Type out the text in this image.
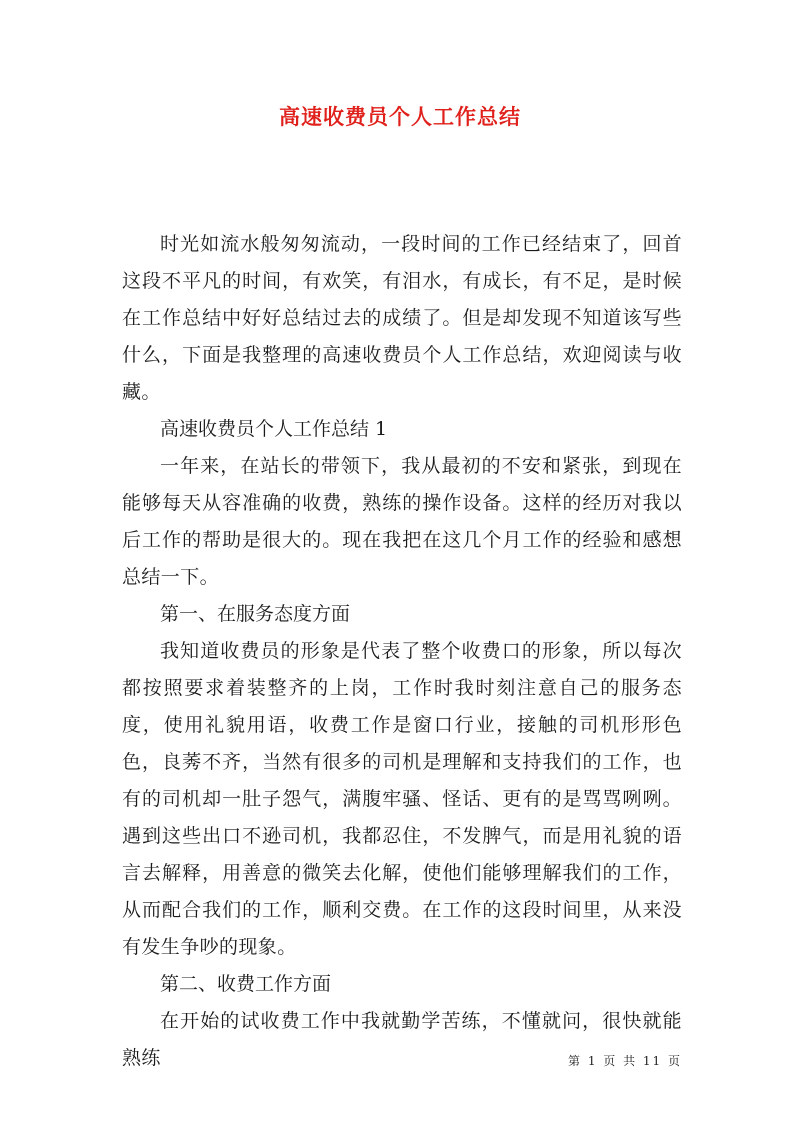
高速收费员个人工作总结

时光如流水般匆匆流动，一段时间的工作已经结束了，回首这段不平凡的时间，有欢笑，有泪水，有成长，有不足，是时候在工作总结中好好总结过去的成绩了。但是却发现不知道该写些什么，下面是我整理的高速收费员个人工作总结，欢迎阅读与收藏。

高速收费员个人工作总结 1

一年来，在站长的带领下，我从最初的不安和紧张，到现在能够每天从容准确的收费，熟练的操作设备。这样的经历对我以后工作的帮助是很大的。现在我把在这几个月工作的经验和感想总结一下。

第一、在服务态度方面

我知道收费员的形象是代表了整个收费口的形象，所以每次都按照要求着装整齐的上岗，工作时我时刻注意自己的服务态度，使用礼貌用语，收费工作是窗口行业，接触的司机形形色色，良莠不齐，当然有很多的司机是理解和支持我们的工作，也有的司机却一肚子怨气，满腹牢骚、怪话、更有的是骂骂咧咧。遇到这些出口不逊司机，我都忍住，不发脾气，而是用礼貌的语言去解释，用善意的微笑去化解，使他们能够理解我们的工作，从而配合我们的工作，顺利交费。在工作的这段时间里，从来没有发生争吵的现象。

第二、收费工作方面

在开始的试收费工作中我就勤学苦练，不懂就问，很快就能熟练	第 1 页 共 11 页
